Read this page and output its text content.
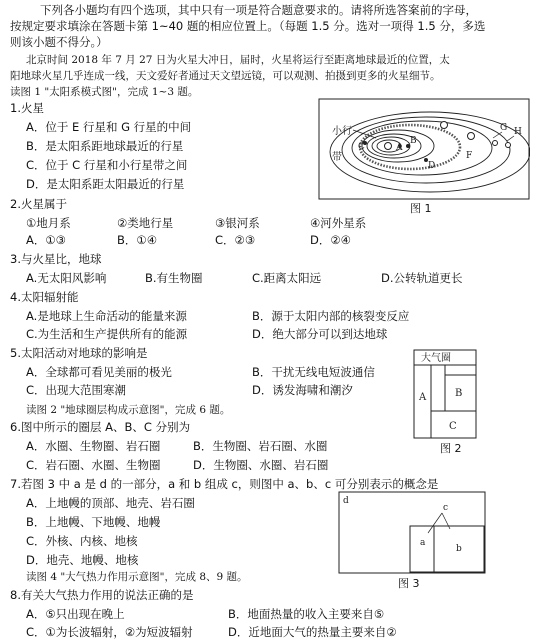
下列各小题均有四个选项，其中只有一项是符合题意要求的。请将所选答案前的字母，
按规定要求填涂在答题卡第 1~40 题的相应位置上。（每题 1.5 分。选对一项得 1.5 分，多选
则该小题不得分。）
北京时间 2018 年 7 月 27 日为火星大冲日，届时，火星将运行至距离地球最近的位置，太
阳地球火星几乎连成一线，天文爱好者通过天文望远镜，可以观测、拍摄到更多的火星细节。
读图 1 "太阳系模式图"，完成 1~3 题。
1.火星
A．位于 E 行星和 G 行星的中间
B．是太阳系距地球最近的行星
C．位于 C 行星和小行星带之间
D．是太阳系距太阳最近的行星
小行
带
A
C
B
D
F
G H
图 1
2.火星属于
①地月系	②类地行星	③银河系	④河外星系
A．①③	B．①④	C．②③	D．②④
3.与火星比，地球
A.无太阳风影响	B.有生物圈	C.距离太阳远	D.公转轨道更长
4.太阳辐射能
A.是地球上生命活动的能量来源	B．源于太阳内部的核裂变反应
C.为生活和生产提供所有的能源	D．绝大部分可以到达地球
5.太阳活动对地球的影响是
A．全球都可看见美丽的极光	B．干扰无线电短波通信
C．出现大范围寒潮	D．诱发海啸和潮汐
大气圈
A	B
C
图 2
读图 2 "地球圈层构成示意图"，完成 6 题。
6.图中所示的圈层 A、B、C 分别为
A．水圈、生物圈、岩石圈	B．生物圈、岩石圈、水圈
C．岩石圈、水圈、生物圈	D．生物圈、水圈、岩石圈
7.若图 3 中 a 是 d 的一部分，a 和 b 组成 c，则图中 a、b、c 可分别表示的概念是
A．上地幔的顶部、地壳、岩石圈
B．上地幔、下地幔、地幔
C．外核、内核、地核
D．地壳、地幔、地核
d
a
b
c
图 3
读图 4 "大气热力作用示意图"，完成 8、9 题。
8.有关大气热力作用的说法正确的是
A．⑤只出现在晚上	B．地面热量的收入主要来自⑤
C．①为长波辐射，②为短波辐射	D．近地面大气的热量主要来自②
